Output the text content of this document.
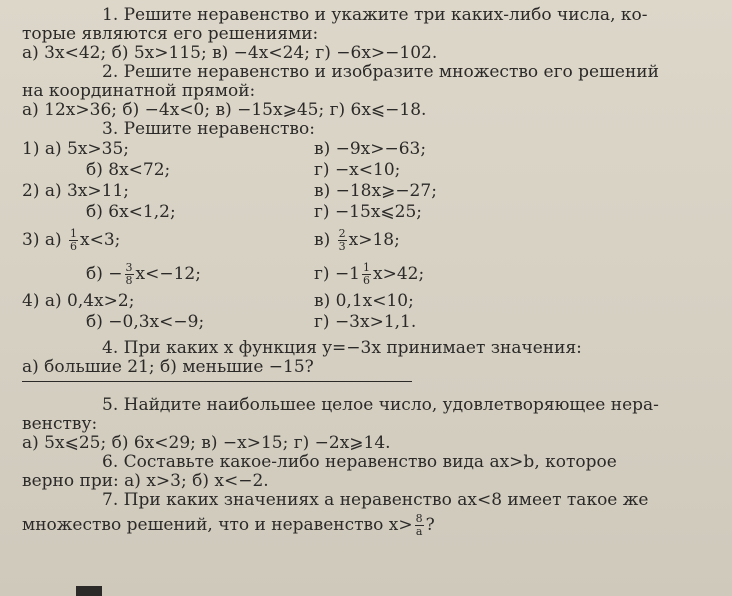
1. Решите неравенство и укажите три каких-либо числа, ко-
торые являются его решениями:
а) 3x<42; б) 5x>115; в) −4x<24; г) −6x>−102.
2. Решите неравенство и изобразите множество его решений
на координатной прямой:
а) 12x>36; б) −4x<0; в) −15x⩾45; г) 6x⩽−18.
3. Решите неравенство:
1) а) 5x>35;	в) −9x>−63;
б) 8x<72;	г) −x<10;
2) а) 3x>11;	в) −18x⩾−27;
б) 6x<1,2;	г) −15x⩽25;
3) $а) \frac{1}{6} x<3$;	$в) \frac{2}{3} x>18$;
$б) - \frac{3}{8} x<-12$;	$г) -1 \frac{1}{6} x>42$;
4) а) 0,4x>2;	в) 0,1x<10;
б) −0,3x<−9;	г) −3x>1,1.
4. При каких x функция y=−3x принимает значения:
а) большие 21; б) меньшие −15?
5. Найдите наибольшее целое число, удовлетворяющее нера-
венству:
а) 5x⩽25; б) 6x<29; в) −x>15; г) −2x⩾14.
6. Составьте какое-либо неравенство вида ax>b, которое
верно при: а) x>3; б) x<−2.
7. При каких значениях a неравенство ax<8 имеет такое же
множество решений, что и неравенство $x> \frac{8}{a}$ ?
